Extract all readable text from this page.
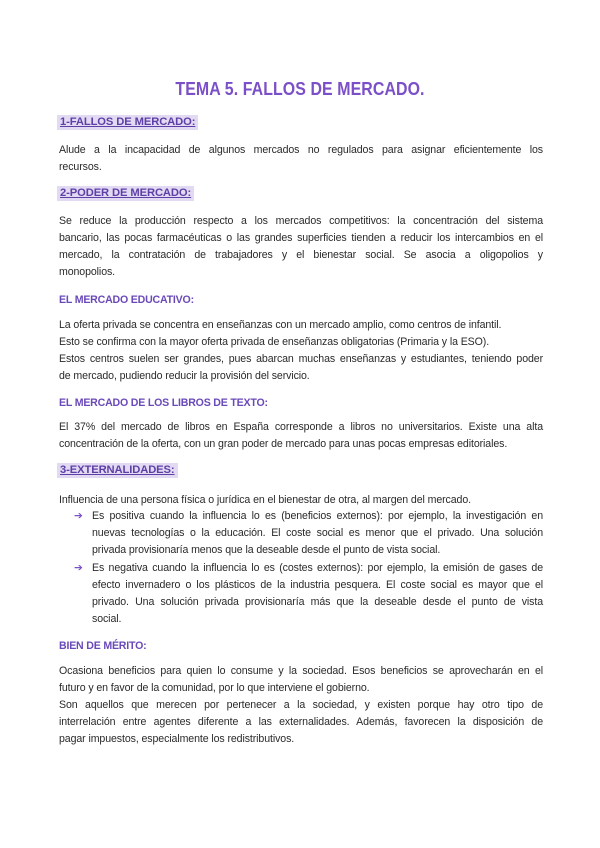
TEMA 5. FALLOS DE MERCADO.
1-FALLOS DE MERCADO:
Alude a la incapacidad de algunos mercados no regulados para asignar eficientemente los
recursos.
2-PODER DE MERCADO:
Se reduce la producción respecto a los mercados competitivos: la concentración del sistema
bancario, las pocas farmacéuticas o las grandes superficies tienden a reducir los intercambios en el
mercado, la contratación de trabajadores y el bienestar social. Se asocia a oligopolios y
monopolios.
EL MERCADO EDUCATIVO:
La oferta privada se concentra en enseñanzas con un mercado amplio, como centros de infantil.
Esto se confirma con la mayor oferta privada de enseñanzas obligatorias (Primaria y la ESO).
Estos centros suelen ser grandes, pues abarcan muchas enseñanzas y estudiantes, teniendo poder
de mercado, pudiendo reducir la provisión del servicio.
EL MERCADO DE LOS LIBROS DE TEXTO:
El 37% del mercado de libros en España corresponde a libros no universitarios. Existe una alta
concentración de la oferta, con un gran poder de mercado para unas pocas empresas editoriales.
3-EXTERNALIDADES:
Influencia de una persona física o jurídica en el bienestar de otra, al margen del mercado.
➔ Es positiva cuando la influencia lo es (beneficios externos): por ejemplo, la investigación en
nuevas tecnologías o la educación. El coste social es menor que el privado. Una solución
privada provisionaría menos que la deseable desde el punto de vista social.
➔ Es negativa cuando la influencia lo es (costes externos): por ejemplo, la emisión de gases de
efecto invernadero o los plásticos de la industria pesquera. El coste social es mayor que el
privado. Una solución privada provisionaría más que la deseable desde el punto de vista
social.
BIEN DE MÉRITO:
Ocasiona beneficios para quien lo consume y la sociedad. Esos beneficios se aprovecharán en el
futuro y en favor de la comunidad, por lo que interviene el gobierno.
Son aquellos que merecen por pertenecer a la sociedad, y existen porque hay otro tipo de
interrelación entre agentes diferente a las externalidades. Además, favorecen la disposición de
pagar impuestos, especialmente los redistributivos.
